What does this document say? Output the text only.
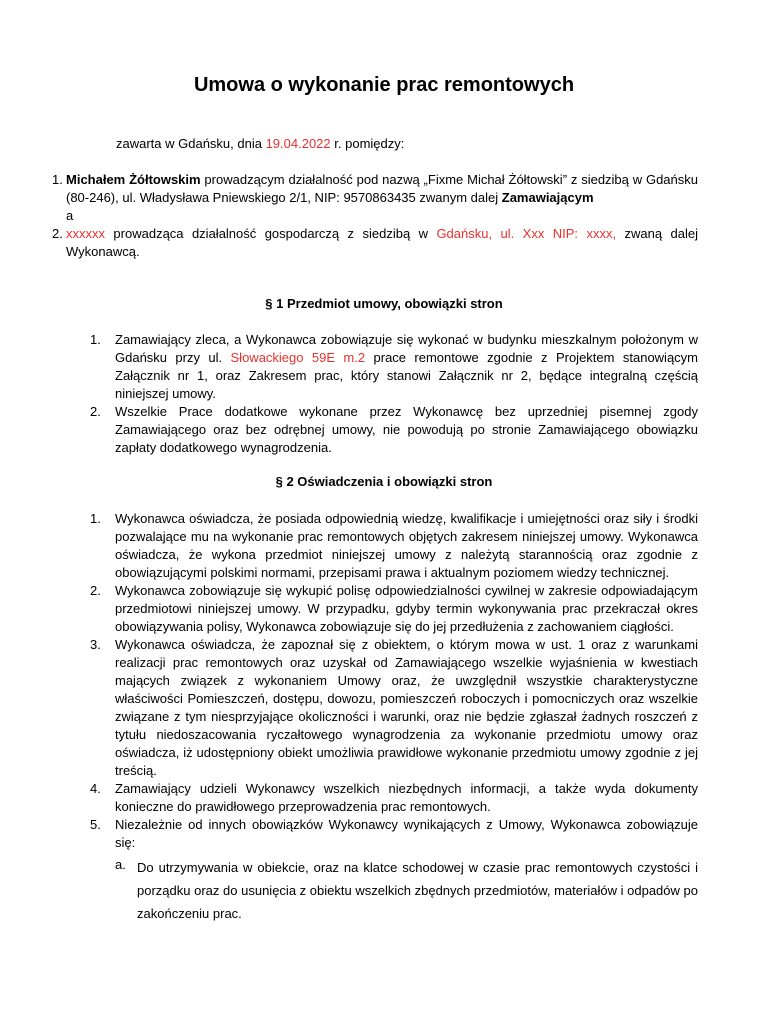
Umowa o wykonanie prac remontowych
zawarta w Gdańsku, dnia 19.04.2022 r. pomiędzy:
1. Michałem Żółtowskim prowadzącym działalność pod nazwą „Fixme Michał Żółtowski” z siedzibą w Gdańsku (80-246), ul. Władysława Pniewskiego 2/1, NIP: 9570863435 zwanym dalej Zamawiającym
a
2. xxxxxx prowadząca działalność gospodarczą z siedzibą w Gdańsku, ul. Xxx NIP: xxxx, zwaną dalej Wykonawcą.
§ 1 Przedmiot umowy, obowiązki stron
1.	Zamawiający zleca, a Wykonawca zobowiązuje się wykonać w budynku mieszkalnym położonym w Gdańsku przy ul. Słowackiego 59E m.2 prace remontowe zgodnie z Projektem stanowiącym Załącznik nr 1, oraz Zakresem prac, który stanowi Załącznik nr 2, będące integralną częścią niniejszej umowy.
2.	Wszelkie Prace dodatkowe wykonane przez Wykonawcę bez uprzedniej pisemnej zgody Zamawiającego oraz bez odrębnej umowy, nie powodują po stronie Zamawiającego obowiązku zapłaty dodatkowego wynagrodzenia.
§ 2 Oświadczenia i obowiązki stron
1.	Wykonawca oświadcza, że posiada odpowiednią wiedzę, kwalifikacje i umiejętności oraz siły i środki pozwalające mu na wykonanie prac remontowych objętych zakresem niniejszej umowy. Wykonawca oświadcza, że wykona przedmiot niniejszej umowy z należytą starannością oraz zgodnie z obowiązującymi polskimi normami, przepisami prawa i aktualnym poziomem wiedzy technicznej.
2.	Wykonawca zobowiązuje się wykupić polisę odpowiedzialności cywilnej w zakresie odpowiadającym przedmiotowi niniejszej umowy. W przypadku, gdyby termin wykonywania prac przekraczał okres obowiązywania polisy, Wykonawca zobowiązuje się do jej przedłużenia z zachowaniem ciągłości.
3.	Wykonawca oświadcza, że zapoznał się z obiektem, o którym mowa w ust. 1 oraz z warunkami realizacji prac remontowych oraz uzyskał od Zamawiającego wszelkie wyjaśnienia w kwestiach mających związek z wykonaniem Umowy oraz, że uwzględnił wszystkie charakterystyczne właściwości Pomieszczeń, dostępu, dowozu, pomieszczeń roboczych i pomocniczych oraz wszelkie związane z tym niesprzyjające okoliczności i warunki, oraz nie będzie zgłaszał żadnych roszczeń z tytułu niedoszacowania ryczałtowego wynagrodzenia za wykonanie przedmiotu umowy oraz oświadcza, iż udostępniony obiekt umożliwia prawidłowe wykonanie przedmiotu umowy zgodnie z jej treścią.
4.	Zamawiający udzieli Wykonawcy wszelkich niezbędnych informacji, a także wyda dokumenty konieczne do prawidłowego przeprowadzenia prac remontowych.
5.	Niezależnie od innych obowiązków Wykonawcy wynikających z Umowy, Wykonawca zobowiązuje się:
a. Do utrzymywania w obiekcie, oraz na klatce schodowej w czasie prac remontowych czystości i porządku oraz do usunięcia z obiektu wszelkich zbędnych przedmiotów, materiałów i odpadów po zakończeniu prac.
